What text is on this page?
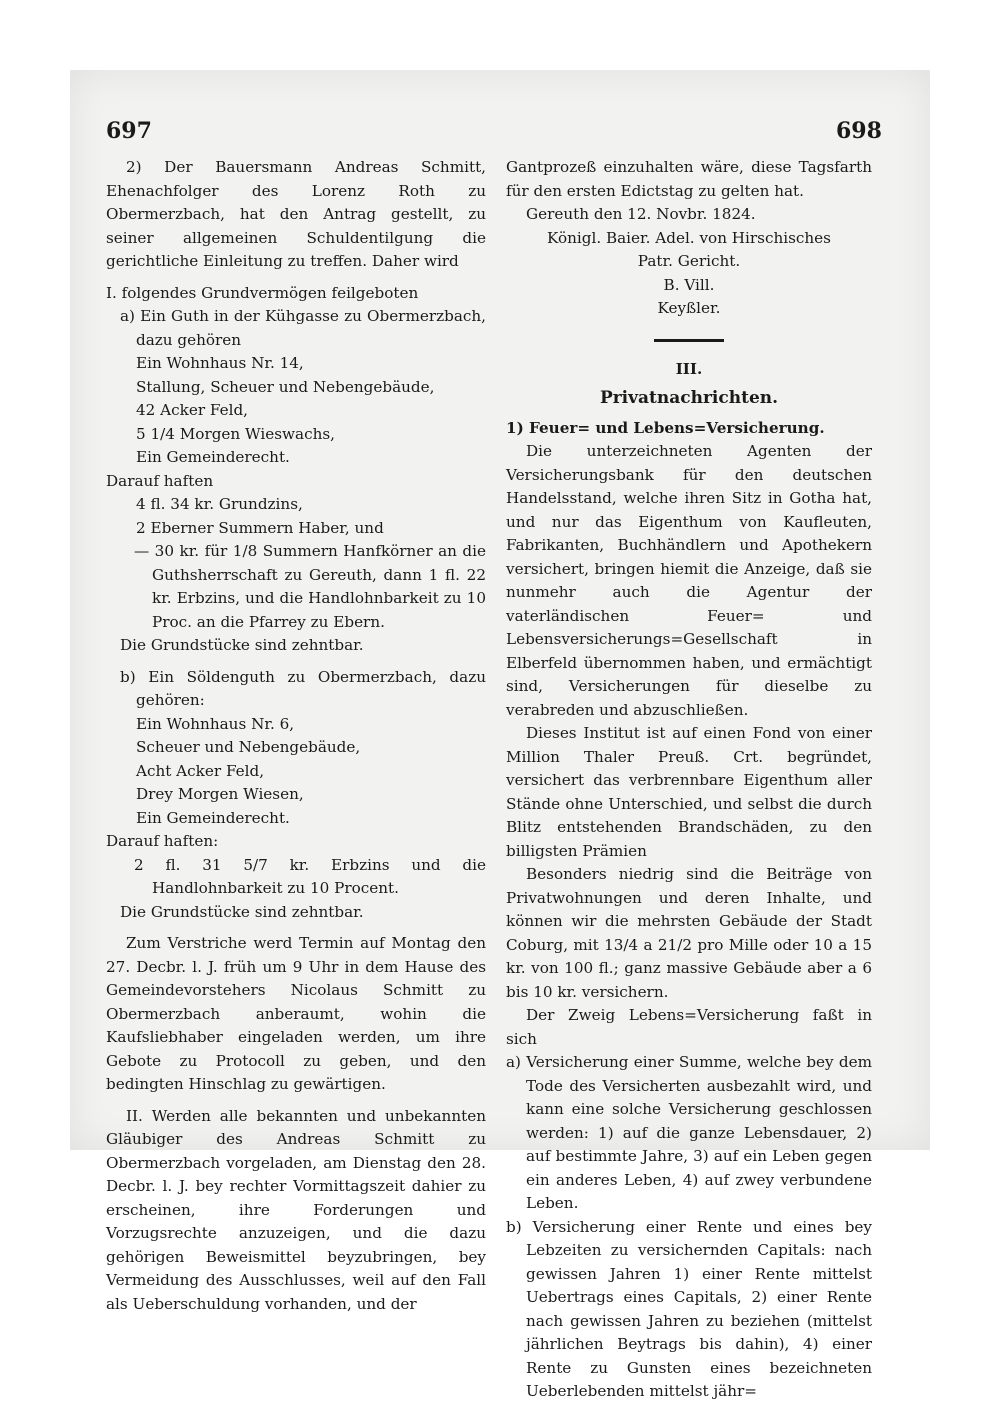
697	698

2) Der Bauersmann Andreas Schmitt, Ehenachfolger des Lorenz Roth zu Obermerzbach, hat den Antrag gestellt, zu seiner allgemeinen Schuldentilgung die gerichtliche Einleitung zu treffen. Daher wird

I. folgendes Grundvermögen feilgeboten

a) Ein Guth in der Kühgasse zu Obermerzbach, dazu gehören

Ein Wohnhaus Nr. 14,

Stallung, Scheuer und Nebengebäude,

42 Acker Feld,

5 1/4 Morgen Wieswachs,

Ein Gemeinderecht.

Darauf haften

4 fl. 34 kr. Grundzins,

2 Eberner Summern Haber, und

— 30 kr. für 1/8 Summern Hanfkörner an die Guthsherrschaft zu Gereuth, dann 1 fl. 22 kr. Erbzins, und die Handlohnbarkeit zu 10 Proc. an die Pfarrey zu Ebern.

Die Grundstücke sind zehntbar.

b) Ein Söldenguth zu Obermerzbach, dazu gehören:

Ein Wohnhaus Nr. 6,

Scheuer und Nebengebäude,

Acht Acker Feld,

Drey Morgen Wiesen,

Ein Gemeinderecht.

Darauf haften:

2 fl. 31 5/7 kr. Erbzins und die Handlohnbarkeit zu 10 Procent.

Die Grundstücke sind zehntbar.

Zum Verstriche werd Termin auf Montag den 27. Decbr. l. J. früh um 9 Uhr in dem Hause des Gemeindevorstehers Nicolaus Schmitt zu Obermerzbach anberaumt, wohin die Kaufsliebhaber eingeladen werden, um ihre Gebote zu Protocoll zu geben, und den bedingten Hinschlag zu gewärtigen.

II. Werden alle bekannten und unbekannten Gläubiger des Andreas Schmitt zu Obermerzbach vorgeladen, am Dienstag den 28. Decbr. l. J. bey rechter Vormittagszeit dahier zu erscheinen, ihre Forderungen und Vorzugsrechte anzuzeigen, und die dazu gehörigen Beweismittel beyzubringen, bey Vermeidung des Ausschlusses, weil auf den Fall als Ueberschuldung vorhanden, und der

Gantprozeß einzuhalten wäre, diese Tagsfarth für den ersten Edictstag zu gelten hat.

Gereuth den 12. Novbr. 1824.

Königl. Baier. Adel. von Hirschisches

Patr. Gericht.

B. Vill.

Keyßler.

III.

Privatnachrichten.

1) Feuer= und Lebens=Versicherung.

Die unterzeichneten Agenten der Versicherungsbank für den deutschen Handelsstand, welche ihren Sitz in Gotha hat, und nur das Eigenthum von Kaufleuten, Fabrikanten, Buchhändlern und Apothekern versichert, bringen hiemit die Anzeige, daß sie nunmehr auch die Agentur der vaterländischen Feuer= und Lebensversicherungs=Gesellschaft in Elberfeld übernommen haben, und ermächtigt sind, Versicherungen für dieselbe zu verabreden und abzuschließen.

Dieses Institut ist auf einen Fond von einer Million Thaler Preuß. Crt. begründet, versichert das verbrennbare Eigenthum aller Stände ohne Unterschied, und selbst die durch Blitz entstehenden Brandschäden, zu den billigsten Prämien

Besonders niedrig sind die Beiträge von Privatwohnungen und deren Inhalte, und können wir die mehrsten Gebäude der Stadt Coburg, mit 13/4 a 21/2 pro Mille oder 10 a 15 kr. von 100 fl.; ganz massive Gebäude aber a 6 bis 10 kr. versichern.

Der Zweig Lebens=Versicherung faßt in sich

a) Versicherung einer Summe, welche bey dem Tode des Versicherten ausbezahlt wird, und kann eine solche Versicherung geschlossen werden: 1) auf die ganze Lebensdauer, 2) auf bestimmte Jahre, 3) auf ein Leben gegen ein anderes Leben, 4) auf zwey verbundene Leben.

b) Versicherung einer Rente und eines bey Lebzeiten zu versichernden Capitals: nach gewissen Jahren 1) einer Rente mittelst Uebertrags eines Capitals, 2) einer Rente nach gewissen Jahren zu beziehen (mittelst jährlichen Beytrags bis dahin), 4) einer Rente zu Gunsten eines bezeichneten Ueberlebenden mittelst jähr=
